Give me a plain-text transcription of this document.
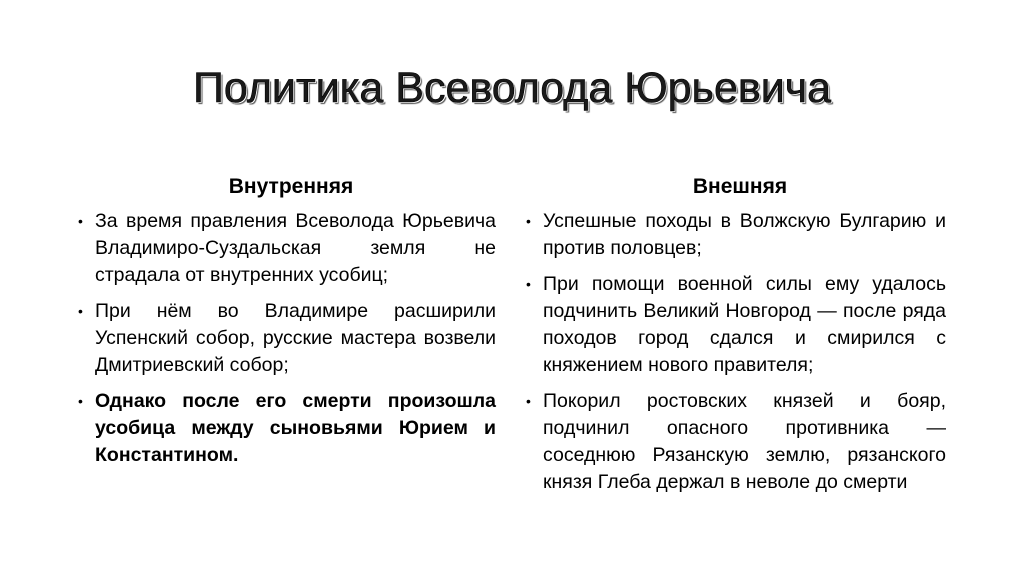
Политика Всеволода Юрьевича
Внутренняя
• За время правления Всеволода Юрьевича Владимиро-Суздальская земля не страдала от внутренних усобиц;
• При нём во Владимире расширили Успенский собор, русские мастера возвели Дмитриевский собор;
• Однако после его смерти произошла усобица между сыновьями Юрием и Константином.
Внешняя
• Успешные походы в Волжскую Булгарию и против половцев;
• При помощи военной силы ему удалось подчинить Великий Новгород — после ряда походов город сдался и смирился с княжением нового правителя;
• Покорил ростовских князей и бояр, подчинил опасного противника — соседнюю Рязанскую землю, рязанского князя Глеба держал в неволе до смерти
